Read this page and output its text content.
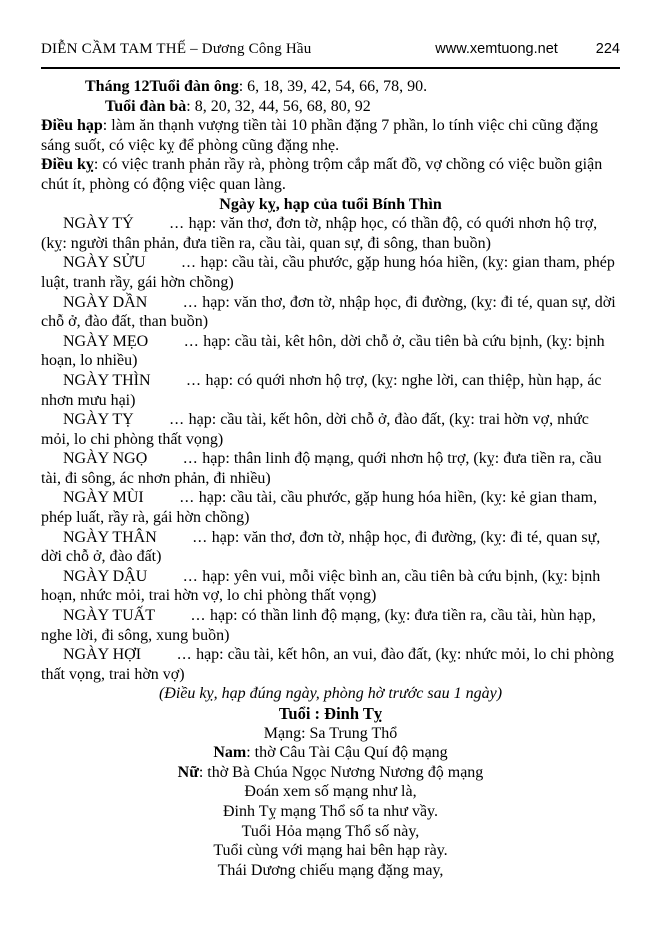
DIỄN CẦM TAM THẾ – Dương Công Hầu	www.xemtuong.net	224

Tháng 12Tuổi đàn ông: 6, 18, 39, 42, 54, 66, 78, 90.

Tuổi đàn bà: 8, 20, 32, 44, 56, 68, 80, 92

Điều hạp: làm ăn thạnh vượng tiền tài 10 phần đặng 7 phần, lo tính việc chi cũng đặng sáng suốt, có việc kỵ để phòng cũng đặng nhẹ.

Điều kỵ: có việc tranh phản rầy rà, phòng trộm cắp mất đồ, vợ chồng có việc buồn giận chút ít, phòng có động việc quan làng.

Ngày kỵ, hạp của tuổi Bính Thìn

NGÀY TÝ ... hạp: văn thơ, đơn tờ, nhập học, có thần độ, có quới nhơn hộ trợ, (kỵ: người thân phản, đưa tiền ra, cầu tài, quan sự, đi sông, than buồn)

NGÀY SỬU ... hạp: cầu tài, cầu phước, gặp hung hóa hiền, (kỵ: gian tham, phép luật, tranh rầy, gái hờn chồng)

NGÀY DẦN ... hạp: văn thơ, đơn tờ, nhập học, đi đường, (kỵ: đi té, quan sự, dời chỗ ở, đào đất, than buồn)

NGÀY MẸO ... hạp: cầu tài, kêt hôn, dời chỗ ở, cầu tiên bà cứu bịnh, (kỵ: bịnh hoạn, lo nhiều)

NGÀY THÌN ... hạp: có quới nhơn hộ trợ, (kỵ: nghe lời, can thiệp, hùn hạp, ác nhơn mưu hại)

NGÀY TỴ ... hạp: cầu tài, kết hôn, dời chỗ ở, đào đất, (kỵ: trai hờn vợ, nhức mỏi, lo chi phòng thất vọng)

NGÀY NGỌ ... hạp: thân linh độ mạng, quới nhơn hộ trợ, (kỵ: đưa tiền ra, cầu tài, đi sông, ác nhơn phản, đi nhiều)

NGÀY MÙI ... hạp: cầu tài, cầu phước, gặp hung hóa hiền, (kỵ: kẻ gian tham, phép luất, rầy rà, gái hờn chồng)

NGÀY THÂN ... hạp: văn thơ, đơn tờ, nhập học, đi đường, (kỵ: đi té, quan sự, dời chỗ ở, đào đất)

NGÀY DẬU ... hạp: yên vui, mỗi việc bình an, cầu tiên bà cứu bịnh, (kỵ: bịnh hoạn, nhức mỏi, trai hờn vợ, lo chi phòng thất vọng)

NGÀY TUẤT ... hạp: có thần linh độ mạng, (kỵ: đưa tiền ra, cầu tài, hùn hạp, nghe lời, đi sông, xung buồn)

NGÀY HỢI ... hạp: cầu tài, kết hôn, an vui, đào đất, (kỵ: nhức mỏi, lo chi phòng thất vọng, trai hờn vợ)

(Điều kỵ, hạp đúng ngày, phòng hờ trước sau 1 ngày)

Tuổi : Đinh Tỵ

Mạng: Sa Trung Thổ

Nam: thờ Câu Tài Cậu Quí độ mạng

Nữ: thờ Bà Chúa Ngọc Nương Nương độ mạng

Đoán xem số mạng như là,

Đinh Tỵ mạng Thổ số ta như vầy.

Tuổi Hỏa mạng Thổ số này,

Tuổi cùng với mạng hai bên hạp rày.

Thái Dương chiếu mạng đặng may,
